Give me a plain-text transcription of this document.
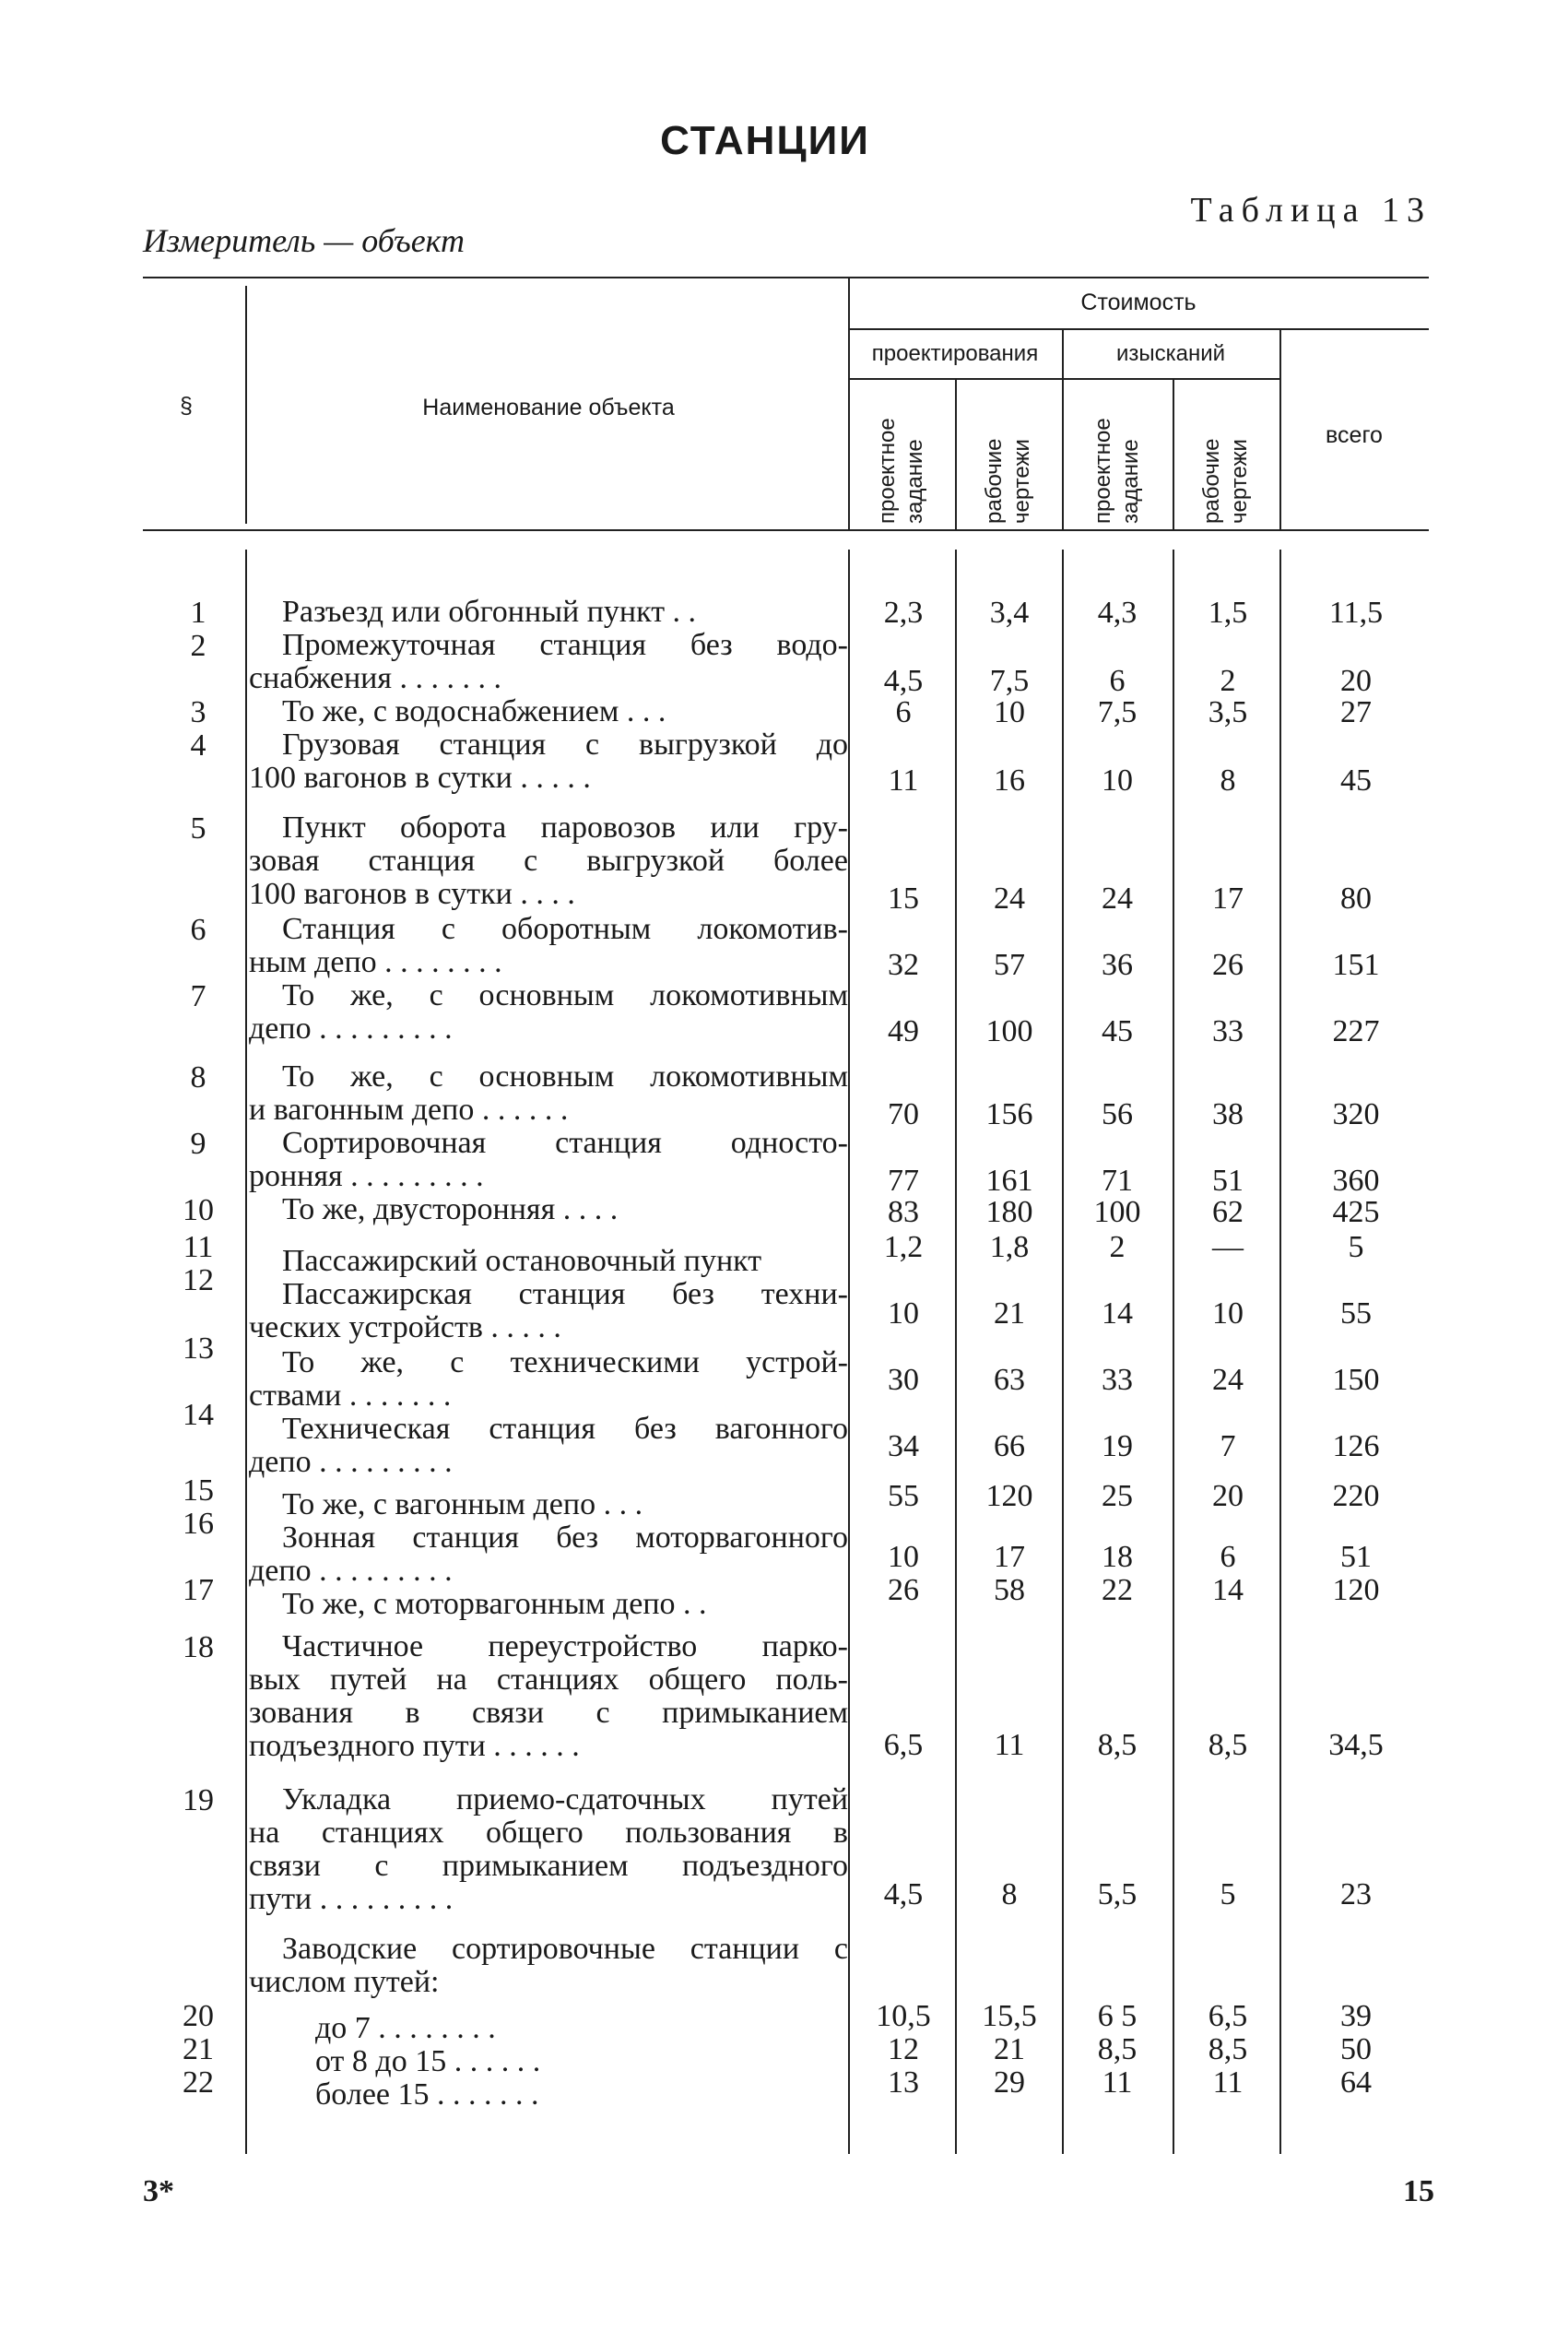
СТАНЦИИ
Таблица 13
Измеритель — объект
§	Наименование объекта
Стоимость
проектирования	изысканий
всего
проектное задание рабочие чертежи	проектное задание	рабочие чертежи
1	Разъезд или обгонный пункт . .	2,3	3,4	4,3	1,5	11,5
2	Промежуточная станция без водо-
снабжения . . . . . . .	4,5	7,5	6	2	20
3	То же, с водоснабжением . . .	6	10	7,5	3,5	27
4	Грузовая станция с выгрузкой до
100 вагонов в сутки . . . . .	11	16	10	8	45
5	Пункт оборота паровозов или гру-
зовая станция с выгрузкой более
100 вагонов в сутки . . . .	15	24	24	17	80
6	Станция с оборотным локомотив-
ным депо . . . . . . . .	32	57	36	26	151
7	То же, с основным локомотивным
депо . . . . . . . . .	49	100	45	33	227
8	То же, с основным локомотивным
и вагонным депо . . . . . .	70	156	56	38	320
9	Сортировочная станция односто-
ронняя . . . . . . . . .	77	161	71	51	360
10	То же, двусторонняя . . . .	83	180	100	62	425
11	Пассажирский остановочный пункт	1,2	1,8	2	—	5
12	Пассажирская станция без техни-
ческих устройств . . . . .	10	21	14	10	55
13	То же, с техническими устрой-
ствами . . . . . . .	30	63	33	24	150
14	Техническая станция без вагонного
депо . . . . . . . . .	34	66	19	7	126
15	То же, с вагонным депо . . .	55	120	25	20	220
16	Зонная станция без моторвагонного
депо . . . . . . . . .	10	17	18	6	51
17	То же, с моторвагонным депо . .	26	58	22	14	120
18	Частичное переустройство парко-
вых путей на станциях общего поль-
зования в связи с примыканием
подъездного пути . . . . . .	6,5	11	8,5	8,5	34,5
19	Укладка приемо-сдаточных путей
на станциях общего пользования в
связи с примыканием подъездного
пути . . . . . . . . .	4,5	8	5,5	5	23
Заводские сортировочные станции с
числом путей:
20	до 7 . . . . . . . .	10,5	15,5	6 5	6,5	39
21	от 8 до 15 . . . . . .	12	21	8,5	8,5	50
22	более 15 . . . . . . .	13	29	11	11	64
3*	15
